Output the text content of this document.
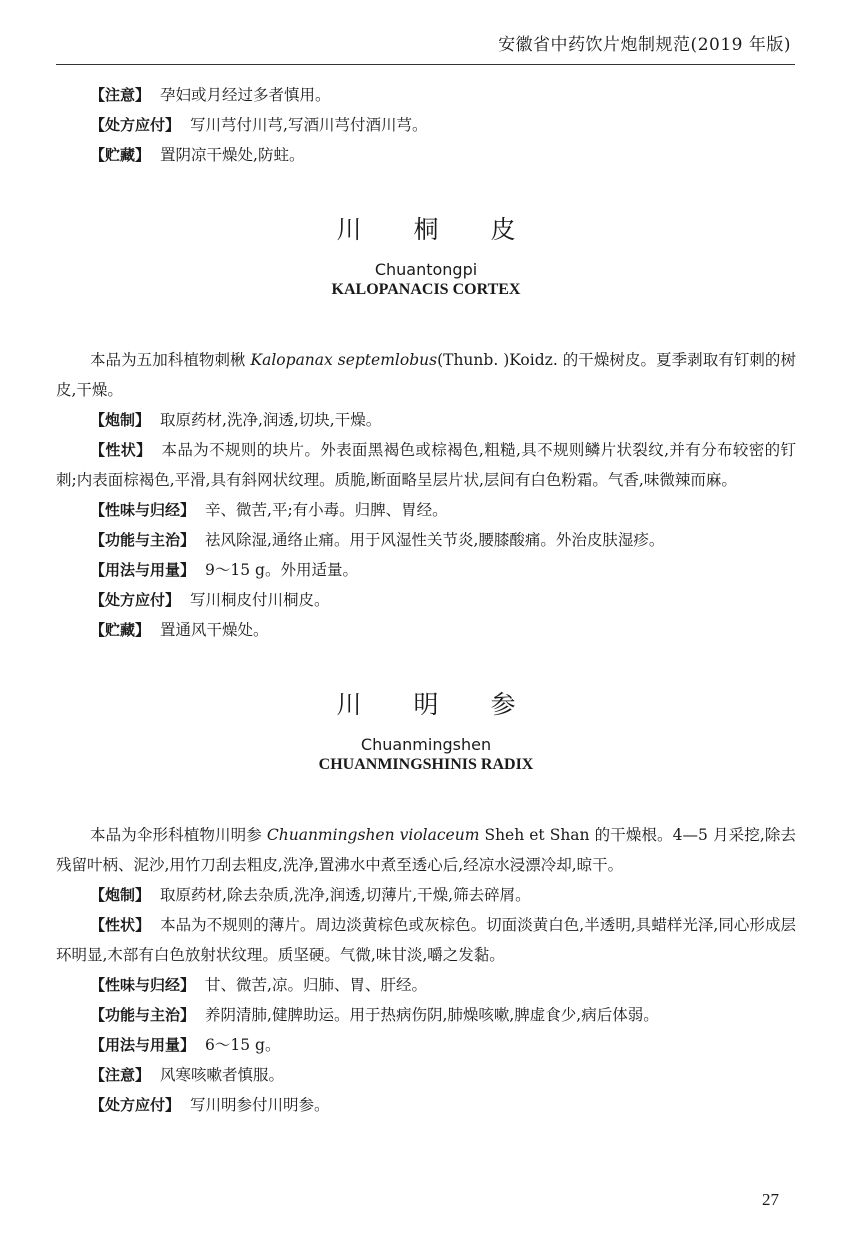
安徽省中药饮片炮制规范(2019 年版)

【注意】 孕妇或月经过多者慎用。

【处方应付】 写川芎付川芎,写酒川芎付酒川芎。

【贮藏】 置阴凉干燥处,防蛀。

川 桐 皮

Chuantongpi

KALOPANACIS CORTEX

本品为五加科植物刺楸 Kalopanax septemlobus(Thunb. )Koidz. 的干燥树皮。夏季剥取有钉刺的树皮,干燥。

【炮制】 取原药材,洗净,润透,切块,干燥。

【性状】 本品为不规则的块片。外表面黑褐色或棕褐色,粗糙,具不规则鳞片状裂纹,并有分布较密的钉刺;内表面棕褐色,平滑,具有斜网状纹理。质脆,断面略呈层片状,层间有白色粉霜。气香,味微辣而麻。

【性味与归经】 辛、微苦,平;有小毒。归脾、胃经。

【功能与主治】 祛风除湿,通络止痛。用于风湿性关节炎,腰膝酸痛。外治皮肤湿疹。

【用法与用量】 9～15 g。外用适量。

【处方应付】 写川桐皮付川桐皮。

【贮藏】 置通风干燥处。

川 明 参

Chuanmingshen

CHUANMINGSHINIS RADIX

本品为伞形科植物川明参 Chuanmingshen violaceum Sheh et Shan 的干燥根。4—5 月采挖,除去残留叶柄、泥沙,用竹刀刮去粗皮,洗净,置沸水中煮至透心后,经凉水浸漂冷却,晾干。

【炮制】 取原药材,除去杂质,洗净,润透,切薄片,干燥,筛去碎屑。

【性状】 本品为不规则的薄片。周边淡黄棕色或灰棕色。切面淡黄白色,半透明,具蜡样光泽,同心形成层环明显,木部有白色放射状纹理。质坚硬。气微,味甘淡,嚼之发黏。

【性味与归经】 甘、微苦,凉。归肺、胃、肝经。

【功能与主治】 养阴清肺,健脾助运。用于热病伤阴,肺燥咳嗽,脾虚食少,病后体弱。

【用法与用量】 6～15 g。

【注意】 风寒咳嗽者慎服。

【处方应付】 写川明参付川明参。

27
